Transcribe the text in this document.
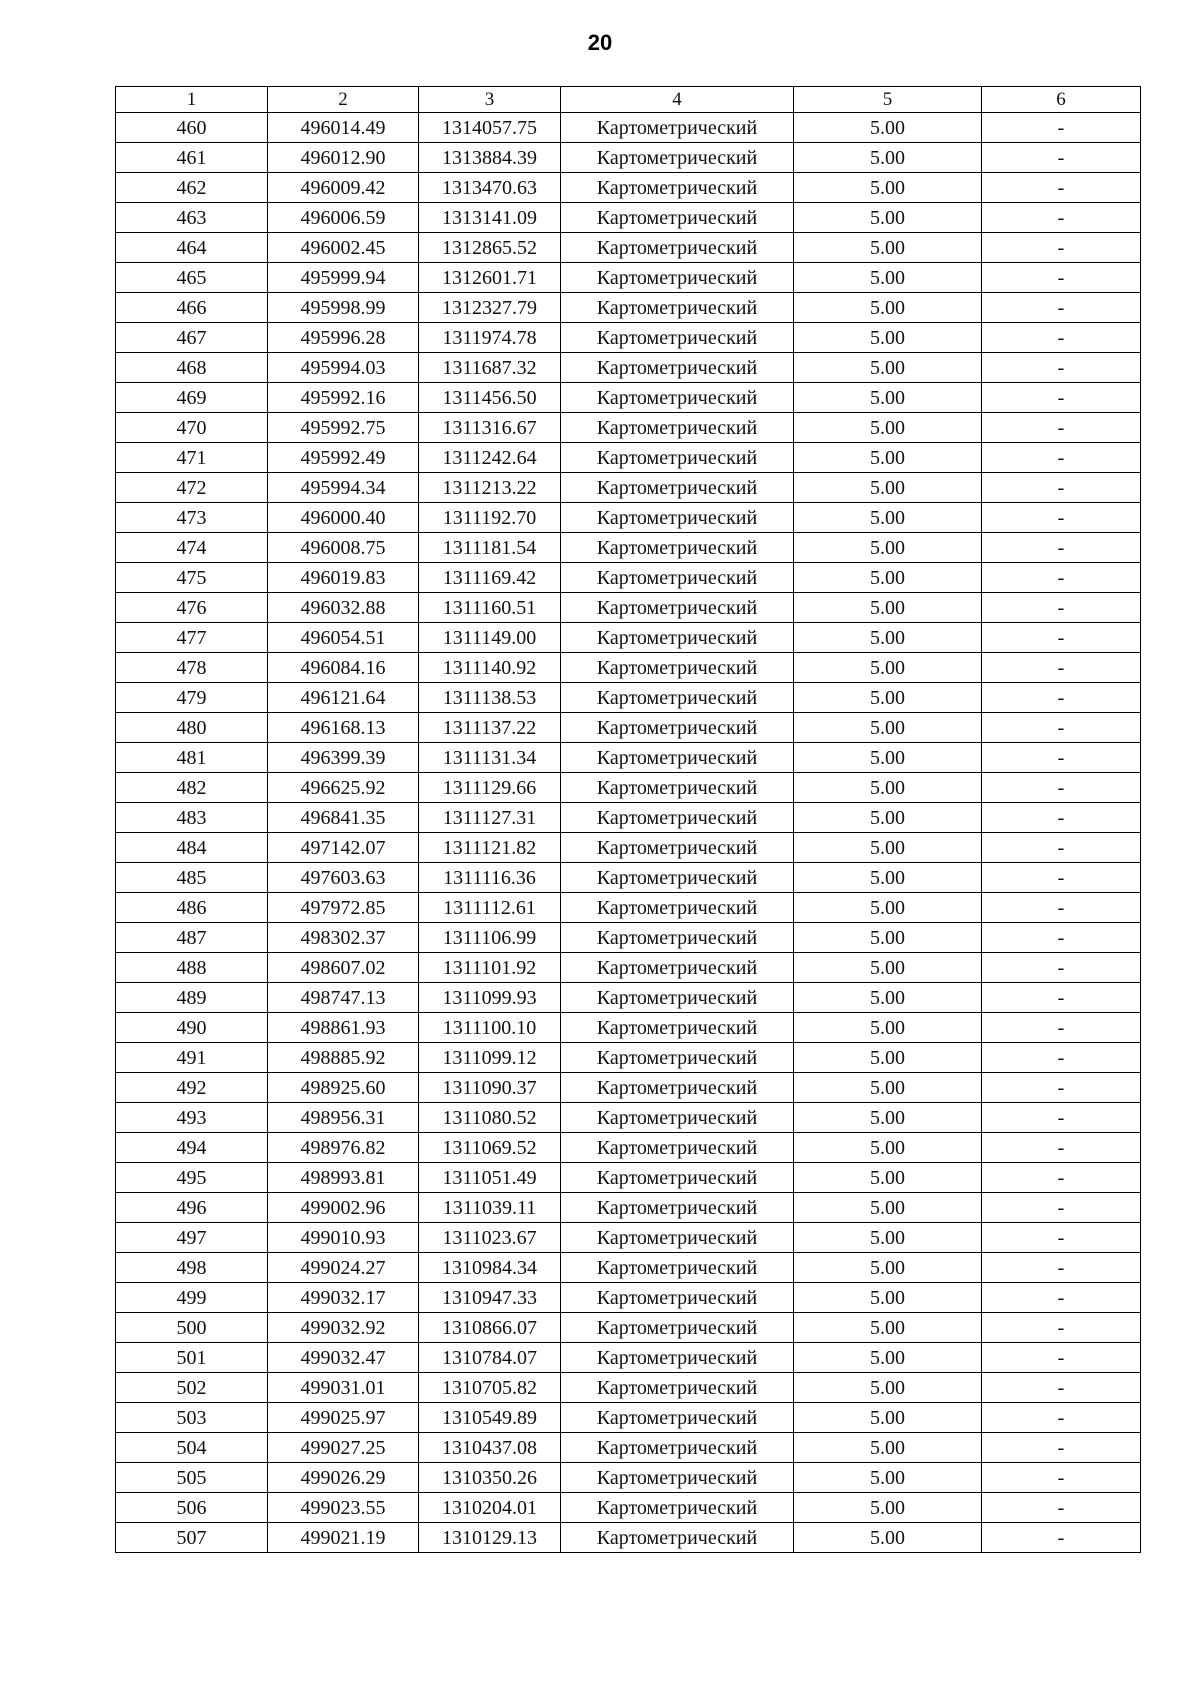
20
1	2	3	4	5	6
460	496014.49	1314057.75	Картометрический	5.00	-
461	496012.90	1313884.39	Картометрический	5.00	-
462	496009.42	1313470.63	Картометрический	5.00	-
463	496006.59	1313141.09	Картометрический	5.00	-
464	496002.45	1312865.52	Картометрический	5.00	-
465	495999.94	1312601.71	Картометрический	5.00	-
466	495998.99	1312327.79	Картометрический	5.00	-
467	495996.28	1311974.78	Картометрический	5.00	-
468	495994.03	1311687.32	Картометрический	5.00	-
469	495992.16	1311456.50	Картометрический	5.00	-
470	495992.75	1311316.67	Картометрический	5.00	-
471	495992.49	1311242.64	Картометрический	5.00	-
472	495994.34	1311213.22	Картометрический	5.00	-
473	496000.40	1311192.70	Картометрический	5.00	-
474	496008.75	1311181.54	Картометрический	5.00	-
475	496019.83	1311169.42	Картометрический	5.00	-
476	496032.88	1311160.51	Картометрический	5.00	-
477	496054.51	1311149.00	Картометрический	5.00	-
478	496084.16	1311140.92	Картометрический	5.00	-
479	496121.64	1311138.53	Картометрический	5.00	-
480	496168.13	1311137.22	Картометрический	5.00	-
481	496399.39	1311131.34	Картометрический	5.00	-
482	496625.92	1311129.66	Картометрический	5.00	-
483	496841.35	1311127.31	Картометрический	5.00	-
484	497142.07	1311121.82	Картометрический	5.00	-
485	497603.63	1311116.36	Картометрический	5.00	-
486	497972.85	1311112.61	Картометрический	5.00	-
487	498302.37	1311106.99	Картометрический	5.00	-
488	498607.02	1311101.92	Картометрический	5.00	-
489	498747.13	1311099.93	Картометрический	5.00	-
490	498861.93	1311100.10	Картометрический	5.00	-
491	498885.92	1311099.12	Картометрический	5.00	-
492	498925.60	1311090.37	Картометрический	5.00	-
493	498956.31	1311080.52	Картометрический	5.00	-
494	498976.82	1311069.52	Картометрический	5.00	-
495	498993.81	1311051.49	Картометрический	5.00	-
496	499002.96	1311039.11	Картометрический	5.00	-
497	499010.93	1311023.67	Картометрический	5.00	-
498	499024.27	1310984.34	Картометрический	5.00	-
499	499032.17	1310947.33	Картометрический	5.00	-
500	499032.92	1310866.07	Картометрический	5.00	-
501	499032.47	1310784.07	Картометрический	5.00	-
502	499031.01	1310705.82	Картометрический	5.00	-
503	499025.97	1310549.89	Картометрический	5.00	-
504	499027.25	1310437.08	Картометрический	5.00	-
505	499026.29	1310350.26	Картометрический	5.00	-
506	499023.55	1310204.01	Картометрический	5.00	-
507	499021.19	1310129.13	Картометрический	5.00	-
